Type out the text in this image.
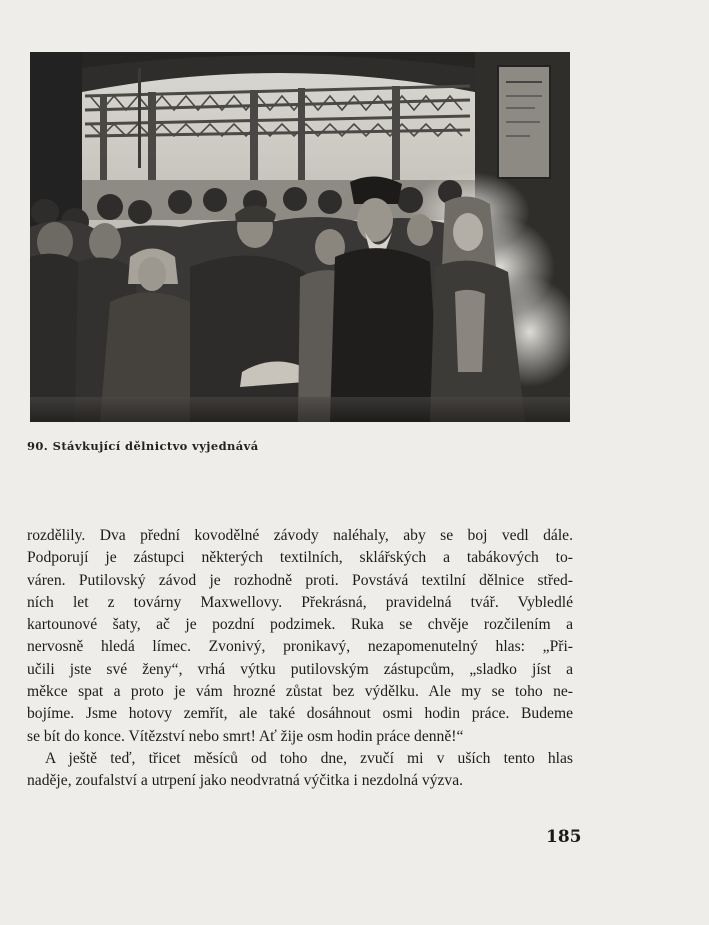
90. Stávkující dělnictvo vyjednává
rozdělily. Dva přední kovodělné závody naléhaly, aby se boj vedl dále.
Podporují je zástupci některých textilních, sklářských a tabákových to-
váren. Putilovský závod je rozhodně proti. Povstává textilní dělnice střed-
ních let z továrny Maxwellovy. Překrásná, pravidelná tvář. Vybledlé
kartounové šaty, ač je pozdní podzimek. Ruka se chvěje rozčilením a
nervosně hledá límec. Zvonivý, pronikavý, nezapomenutelný hlas: „Při-
učili jste své ženy“, vrhá výtku putilovským zástupcům, „sladko jíst a
měkce spat a proto je vám hrozné zůstat bez výdělku. Ale my se toho ne-
bojíme. Jsme hotovy zemřít, ale také dosáhnout osmi hodin práce. Budeme
se bít do konce. Vítězství nebo smrt! Ať žije osm hodin práce denně!“
A ještě teď, třicet měsíců od toho dne, zvučí mi v uších tento hlas
naděje, zoufalství a utrpení jako neodvratná výčitka i nezdolná výzva.
185
